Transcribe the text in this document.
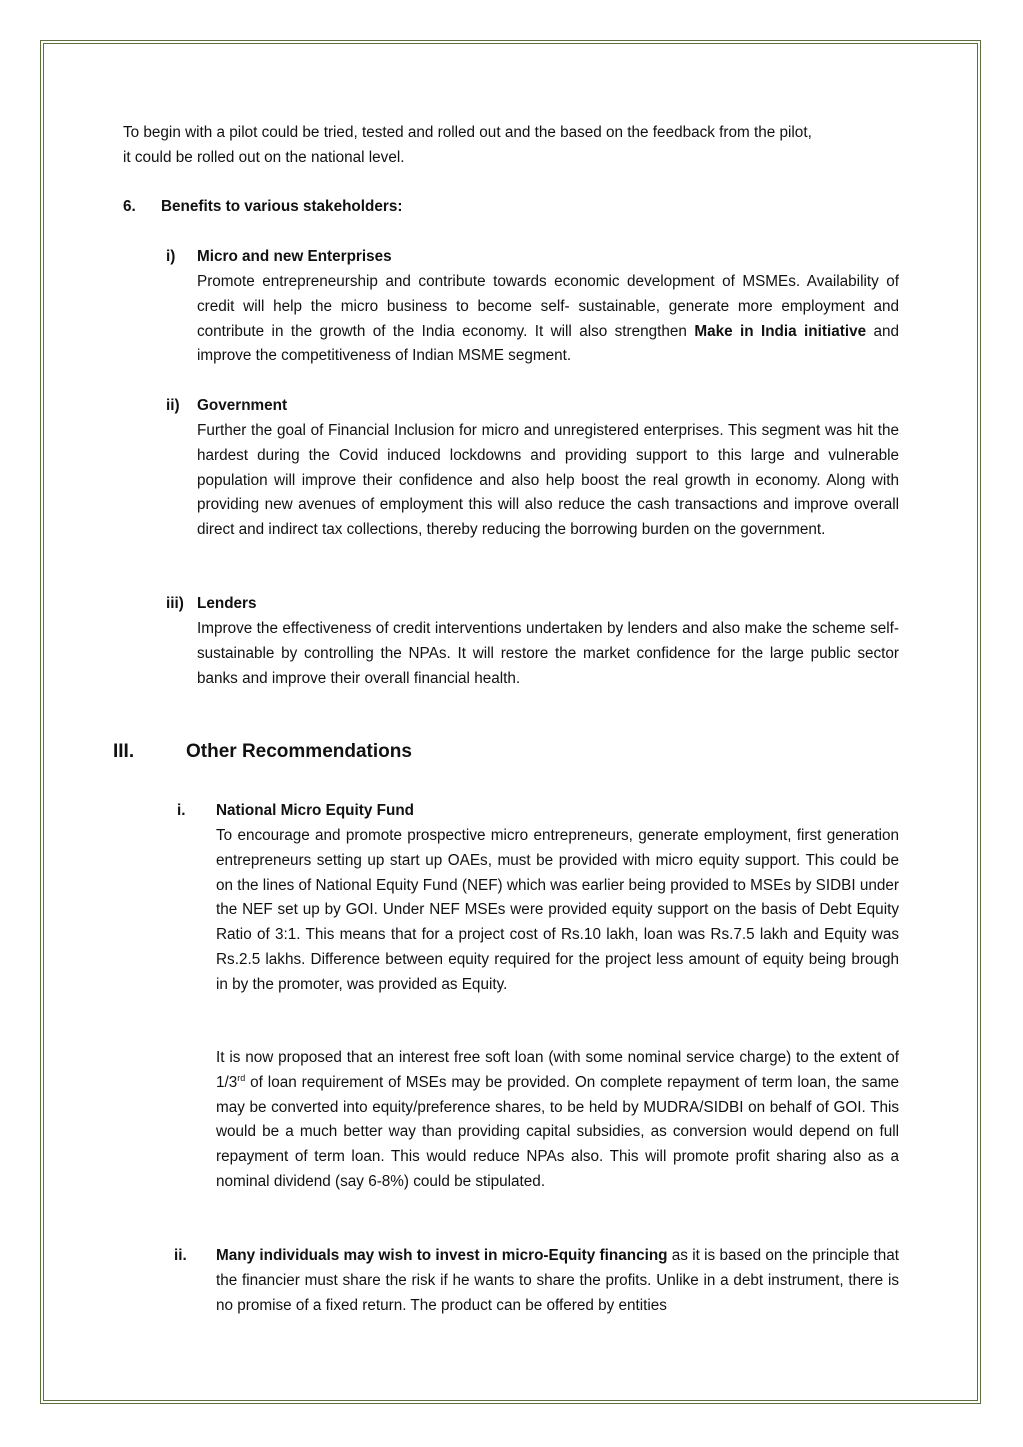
To begin with a pilot could be tried, tested and rolled out and the based on the feedback from the pilot,

it could be rolled out on the national level.

6. Benefits to various stakeholders:
i) Micro and new Enterprises

Promote entrepreneurship and contribute towards economic development of MSMEs. Availability of credit will help the micro business to become self- sustainable, generate more employment and contribute in the growth of the India economy. It will also strengthen Make in India initiative and improve the competitiveness of Indian MSME segment.

ii) Government

Further the goal of Financial Inclusion for micro and unregistered enterprises. This segment was hit the hardest during the Covid induced lockdowns and providing support to this large and vulnerable population will improve their confidence and also help boost the real growth in economy. Along with providing new avenues of employment this will also reduce the cash transactions and improve overall direct and indirect tax collections, thereby reducing the borrowing burden on the government.

iii) Lenders

Improve the effectiveness of credit interventions undertaken by lenders and also make the scheme self-sustainable by controlling the NPAs. It will restore the market confidence for the large public sector banks and improve their overall financial health.

III.	Other Recommendations
i. National Micro Equity Fund

To encourage and promote prospective micro entrepreneurs, generate employment, first generation entrepreneurs setting up start up OAEs, must be provided with micro equity support. This could be on the lines of National Equity Fund (NEF) which was earlier being provided to MSEs by SIDBI under the NEF set up by GOI. Under NEF MSEs were provided equity support on the basis of Debt Equity Ratio of 3:1. This means that for a project cost of Rs.10 lakh, loan was Rs.7.5 lakh and Equity was Rs.2.5 lakhs. Difference between equity required for the project less amount of equity being brough in by the promoter, was provided as Equity.

It is now proposed that an interest free soft loan (with some nominal service charge) to the extent of 1/3rd of loan requirement of MSEs may be provided. On complete repayment of term loan, the same may be converted into equity/preference shares, to be held by MUDRA/SIDBI on behalf of GOI. This would be a much better way than providing capital subsidies, as conversion would depend on full repayment of term loan. This would reduce NPAs also. This will promote profit sharing also as a nominal dividend (say 6-8%) could be stipulated.

ii. Many individuals may wish to invest in micro-Equity financing as it is based on the principle that the financier must share the risk if he wants to share the profits. Unlike in a debt instrument, there is no promise of a fixed return. The product can be offered by entities
